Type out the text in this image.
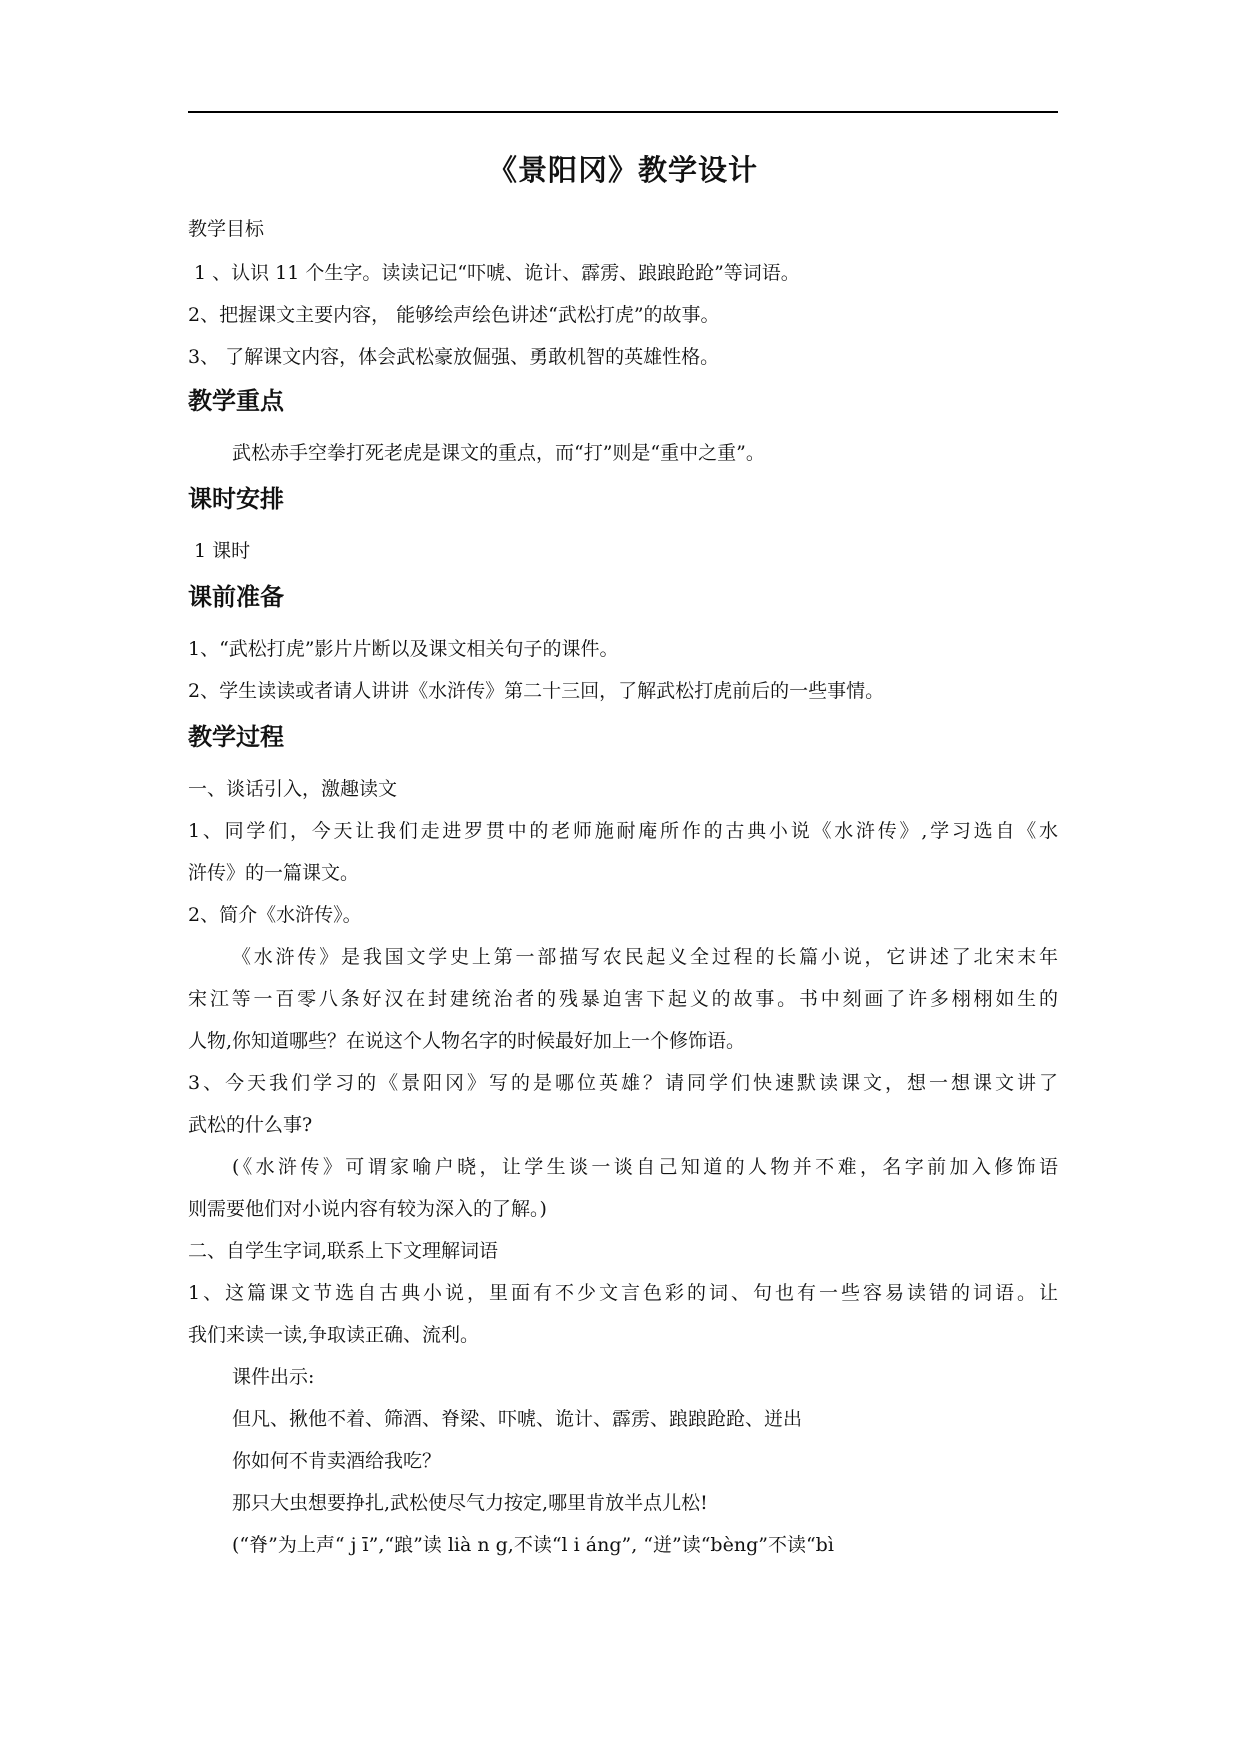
《景阳冈》教学设计
教学目标
1 、认识 11 个生字。读读记记“吓唬、诡计、霹雳、踉踉跄跄”等词语。
2、把握课文主要内容， 能够绘声绘色讲述“武松打虎”的故事。
3、 了解课文内容，体会武松豪放倔强、勇敢机智的英雄性格。
教学重点
武松赤手空拳打死老虎是课文的重点，而“打”则是“重中之重”。
课时安排
1 课时
课前准备
1、“武松打虎”影片片断以及课文相关句子的课件。
2、学生读读或者请人讲讲《水浒传》第二十三回，了解武松打虎前后的一些事情。
教学过程
一、谈话引入，激趣读文
1、同学们，今天让我们走进罗贯中的老师施耐庵所作的古典小说《水浒传》,学习选自《水
浒传》的一篇课文。
2、简介《水浒传》。
《水浒传》是我国文学史上第一部描写农民起义全过程的长篇小说，它讲述了北宋末年
宋江等一百零八条好汉在封建统治者的残暴迫害下起义的故事。书中刻画了许多栩栩如生的
人物,你知道哪些？在说这个人物名字的时候最好加上一个修饰语。
3、今天我们学习的《景阳冈》写的是哪位英雄？请同学们快速默读课文，想一想课文讲了
武松的什么事?
(《水浒传》可谓家喻户晓，让学生谈一谈自己知道的人物并不难，名字前加入修饰语
则需要他们对小说内容有较为深入的了解。)
二、自学生字词,联系上下文理解词语
1、这篇课文节选自古典小说，里面有不少文言色彩的词、句也有一些容易读错的词语。让
我们来读一读,争取读正确、流利。
课件出示:
但凡、揪他不着、筛酒、脊梁、吓唬、诡计、霹雳、踉踉跄跄、迸出
你如何不肯卖酒给我吃？
那只大虫想要挣扎,武松使尽气力按定,哪里肯放半点儿松!
(“脊”为上声“ j ī”,“踉”读 lià n g,不读“l i áng”, “迸”读“bèng”不读“bì
